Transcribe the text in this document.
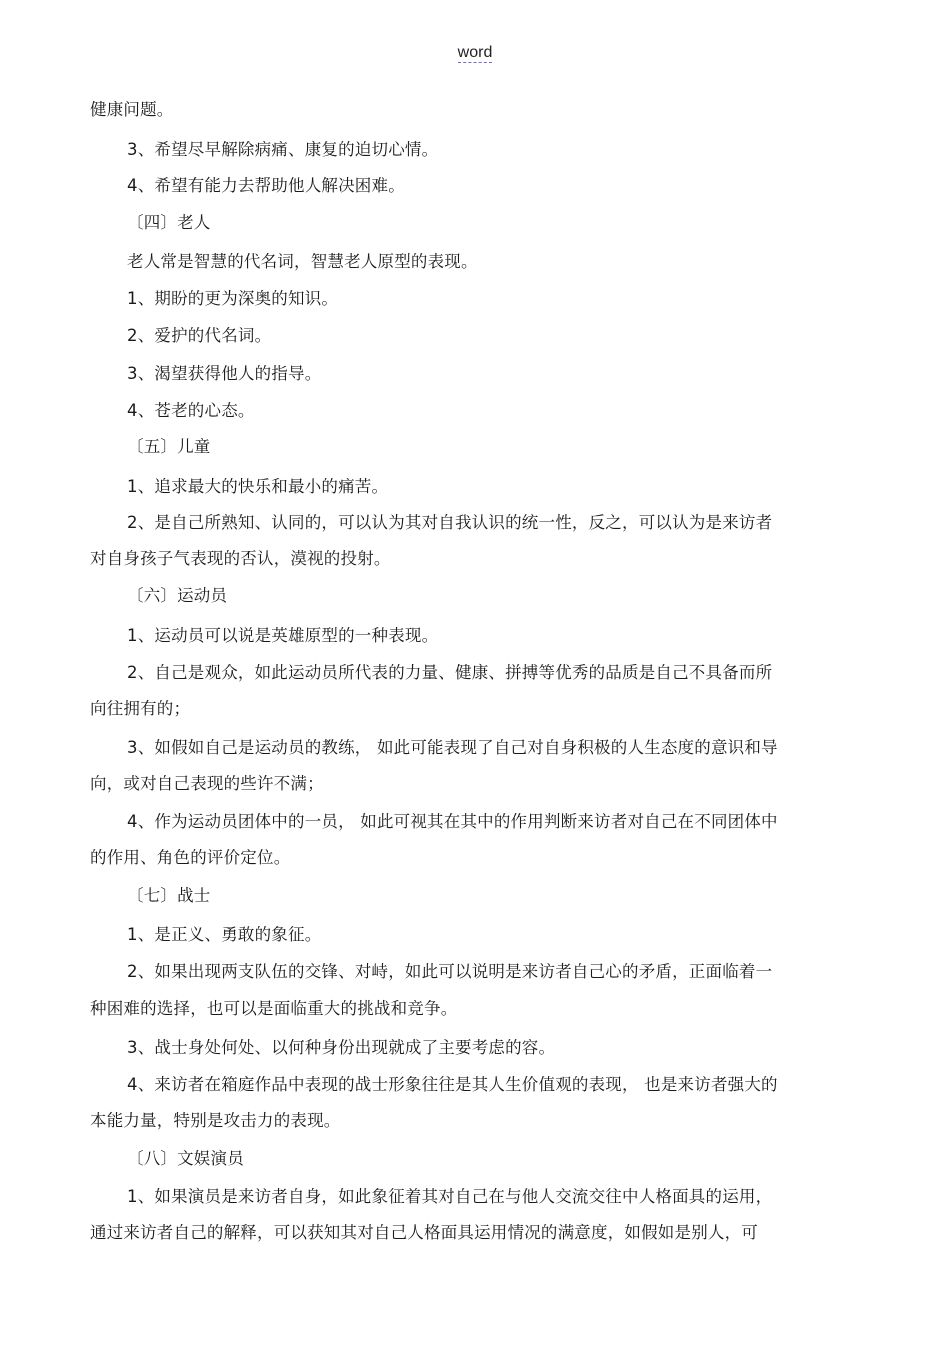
word
健康问题。
3、希望尽早解除病痛、康复的迫切心情。
4、希望有能力去帮助他人解决困难。
〔四〕老人
老人常是智慧的代名词，智慧老人原型的表现。
1、期盼的更为深奥的知识。
2、爱护的代名词。
3、渴望获得他人的指导。
4、苍老的心态。
〔五〕儿童
1、追求最大的快乐和最小的痛苦。
2、是自己所熟知、认同的，可以认为其对自我认识的统一性，反之，可以认为是来访者
对自身孩子气表现的否认，漠视的投射。
〔六〕运动员
1、运动员可以说是英雄原型的一种表现。
2、自己是观众，如此运动员所代表的力量、健康、拼搏等优秀的品质是自己不具备而所
向往拥有的；
3、如假如自己是运动员的教练， 如此可能表现了自己对自身积极的人生态度的意识和导
向，或对自己表现的些许不满；
4、作为运动员团体中的一员， 如此可视其在其中的作用判断来访者对自己在不同团体中
的作用、角色的评价定位。
〔七〕战士
1、是正义、勇敢的象征。
2、如果出现两支队伍的交锋、对峙，如此可以说明是来访者自己心的矛盾，正面临着一
种困难的选择，也可以是面临重大的挑战和竞争。
3、战士身处何处、以何种身份出现就成了主要考虑的容。
4、来访者在箱庭作品中表现的战士形象往往是其人生价值观的表现， 也是来访者强大的
本能力量，特别是攻击力的表现。
〔八〕文娱演员
1、如果演员是来访者自身，如此象征着其对自己在与他人交流交往中人格面具的运用，
通过来访者自己的解释，可以获知其对自己人格面具运用情况的满意度，如假如是别人，可
